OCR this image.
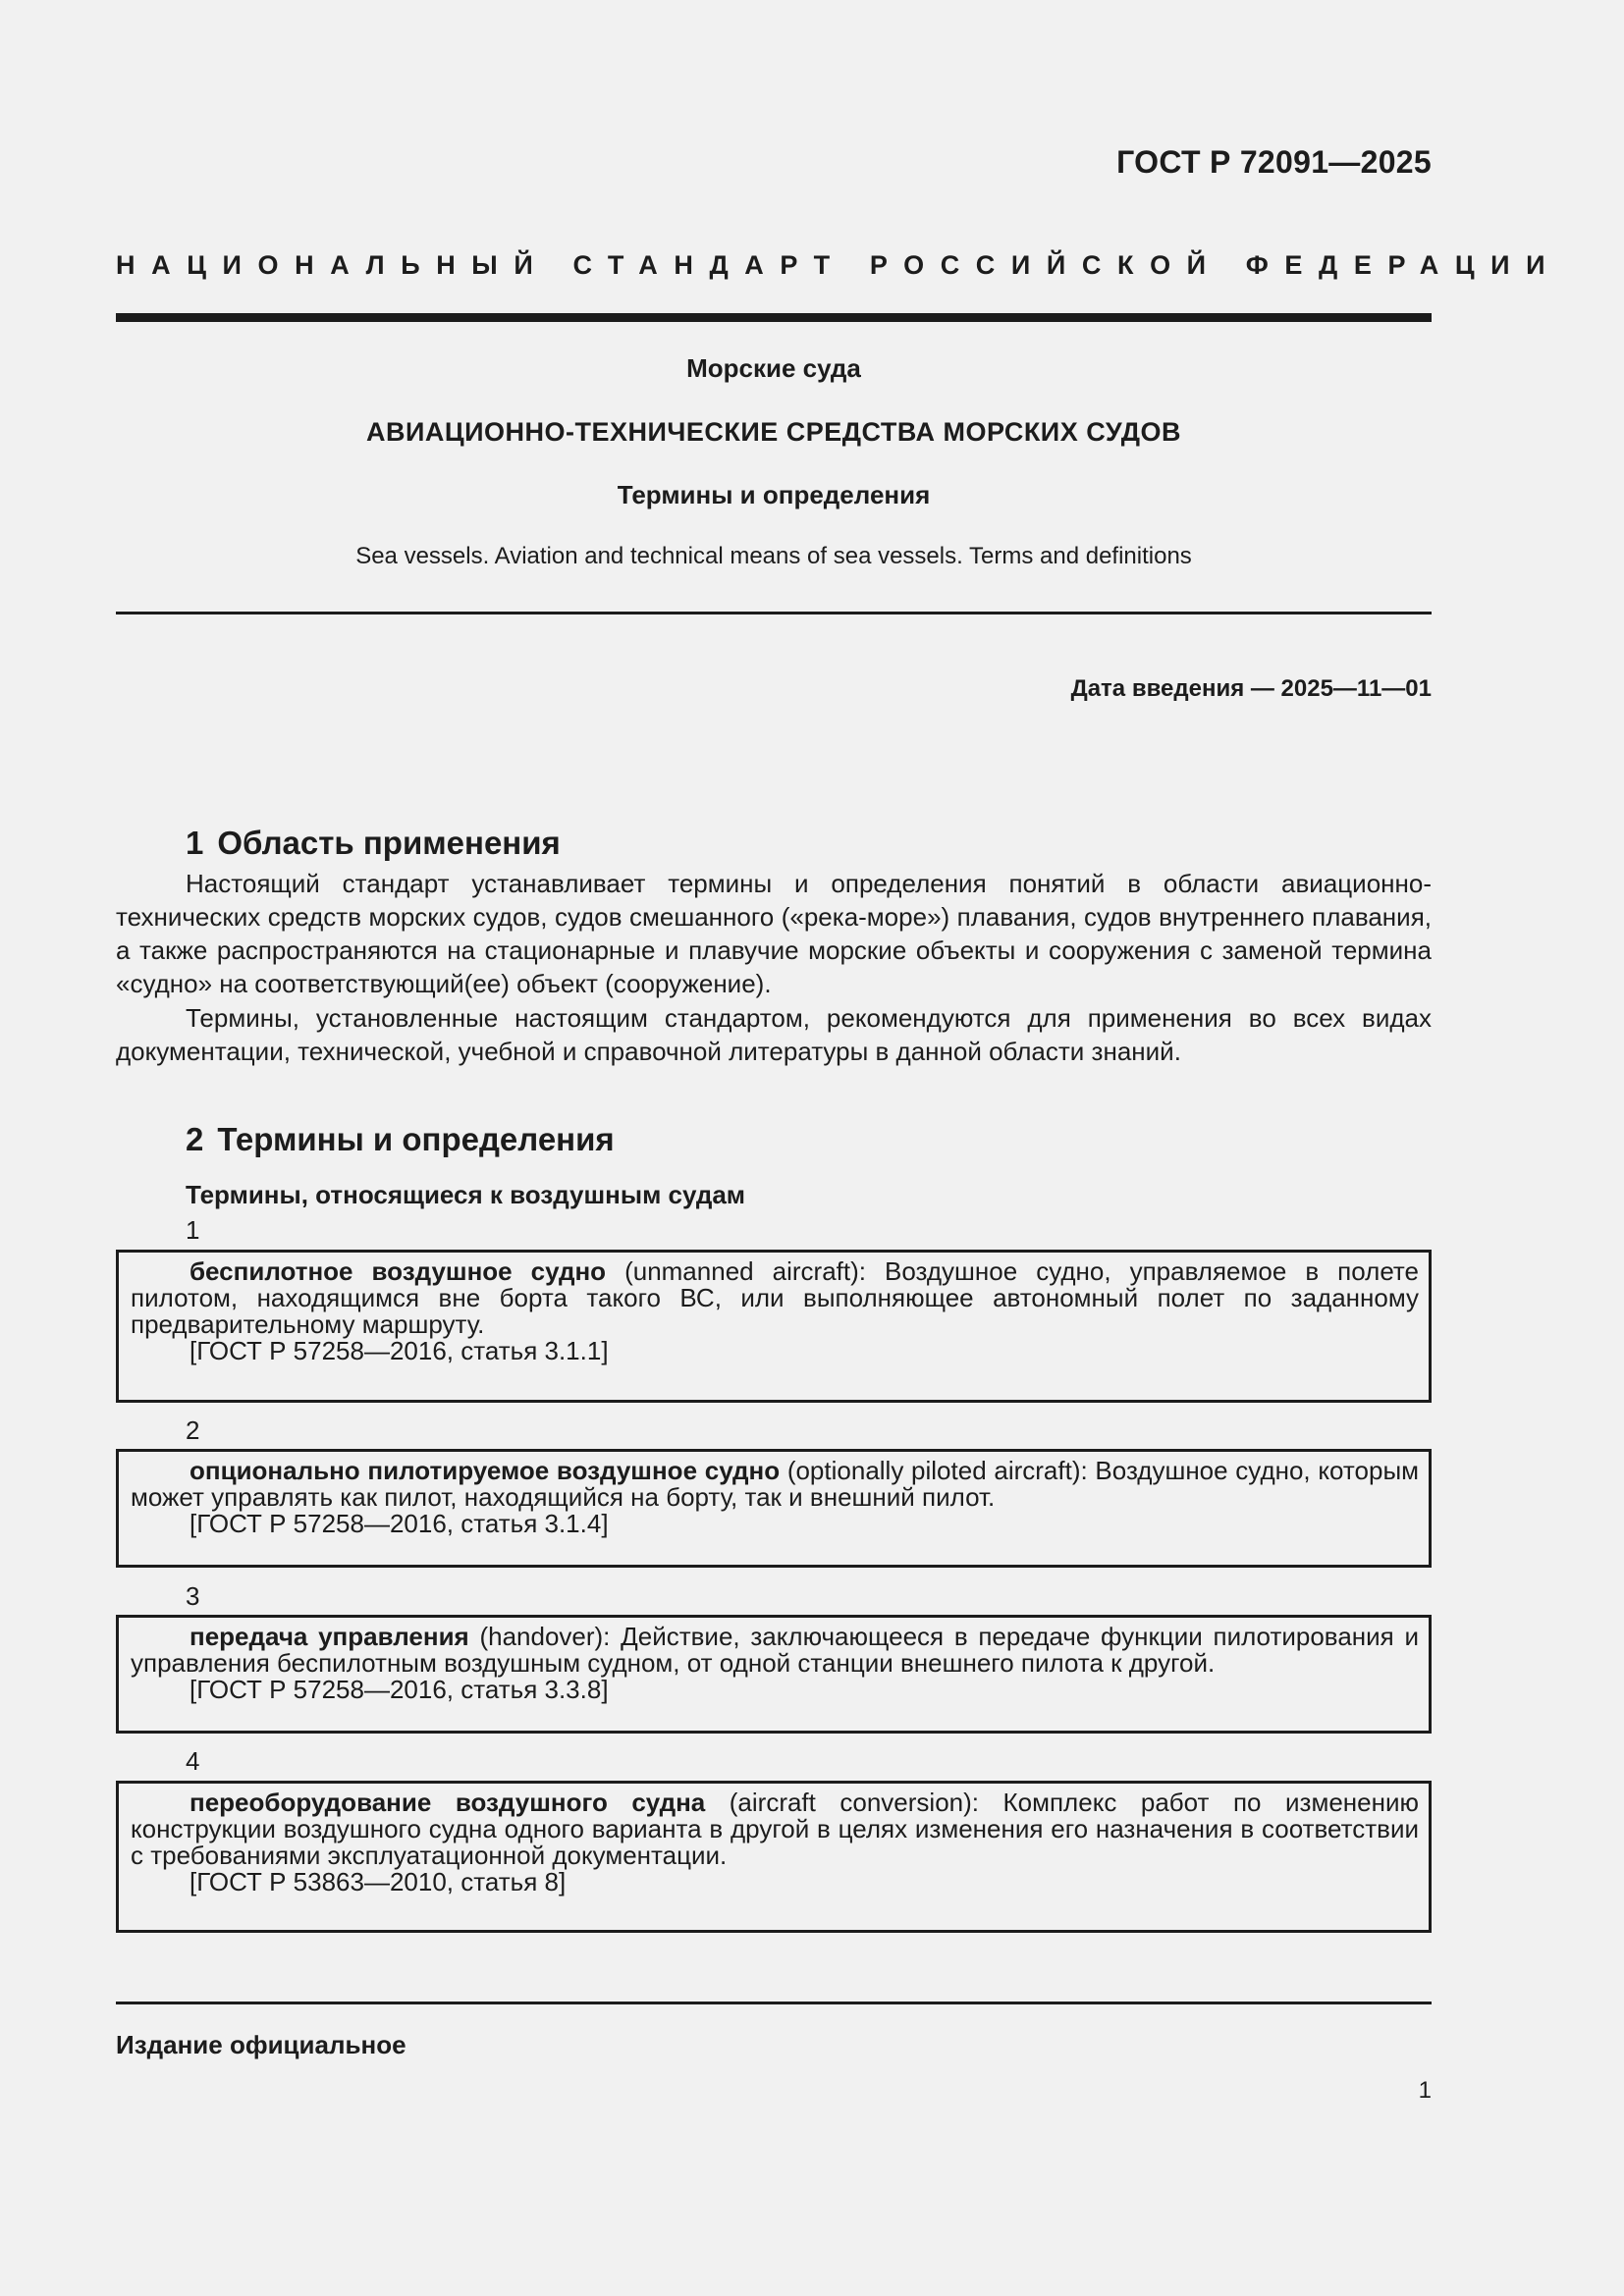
ГОСТ Р 72091—2025
НАЦИОНАЛЬНЫЙ СТАНДАРТ РОССИЙСКОЙ ФЕДЕРАЦИИ
Морские суда
АВИАЦИОННО-ТЕХНИЧЕСКИЕ СРЕДСТВА МОРСКИХ СУДОВ
Термины и определения
Sea vessels. Aviation and technical means of sea vessels. Terms and definitions
Дата введения — 2025—11—01
1 Область применения

Настоящий стандарт устанавливает термины и определения понятий в области авиационно-технических средств морских судов, судов смешанного («река-море») плавания, судов внутреннего плавания, а также распространяются на стационарные и плавучие морские объекты и сооружения с заменой термина «судно» на соответствующий(ее) объект (сооружение).

Термины, установленные настоящим стандартом, рекомендуются для применения во всех видах документации, технической, учебной и справочной литературы в данной области знаний.

2 Термины и определения
Термины, относящиеся к воздушным судам
1

беспилотное воздушное судно (unmanned aircraft): Воздушное судно, управляемое в полете пилотом, находящимся вне борта такого ВС, или выполняющее автономный полет по заданному предварительному маршруту.

[ГОСТ Р 57258—2016, статья 3.1.1]

2

опционально пилотируемое воздушное судно (optionally piloted aircraft): Воздушное судно, которым может управлять как пилот, находящийся на борту, так и внешний пилот.

[ГОСТ Р 57258—2016, статья 3.1.4]

3

передача управления (handover): Действие, заключающееся в передаче функции пилотирования и управления беспилотным воздушным судном, от одной станции внешнего пилота к другой.

[ГОСТ Р 57258—2016, статья 3.3.8]

4

переоборудование воздушного судна (aircraft conversion): Комплекс работ по изменению конструкции воздушного судна одного варианта в другой в целях изменения его назначения в соответствии с требованиями эксплуатационной документации.

[ГОСТ Р 53863—2010, статья 8]

Издание официальное
1
